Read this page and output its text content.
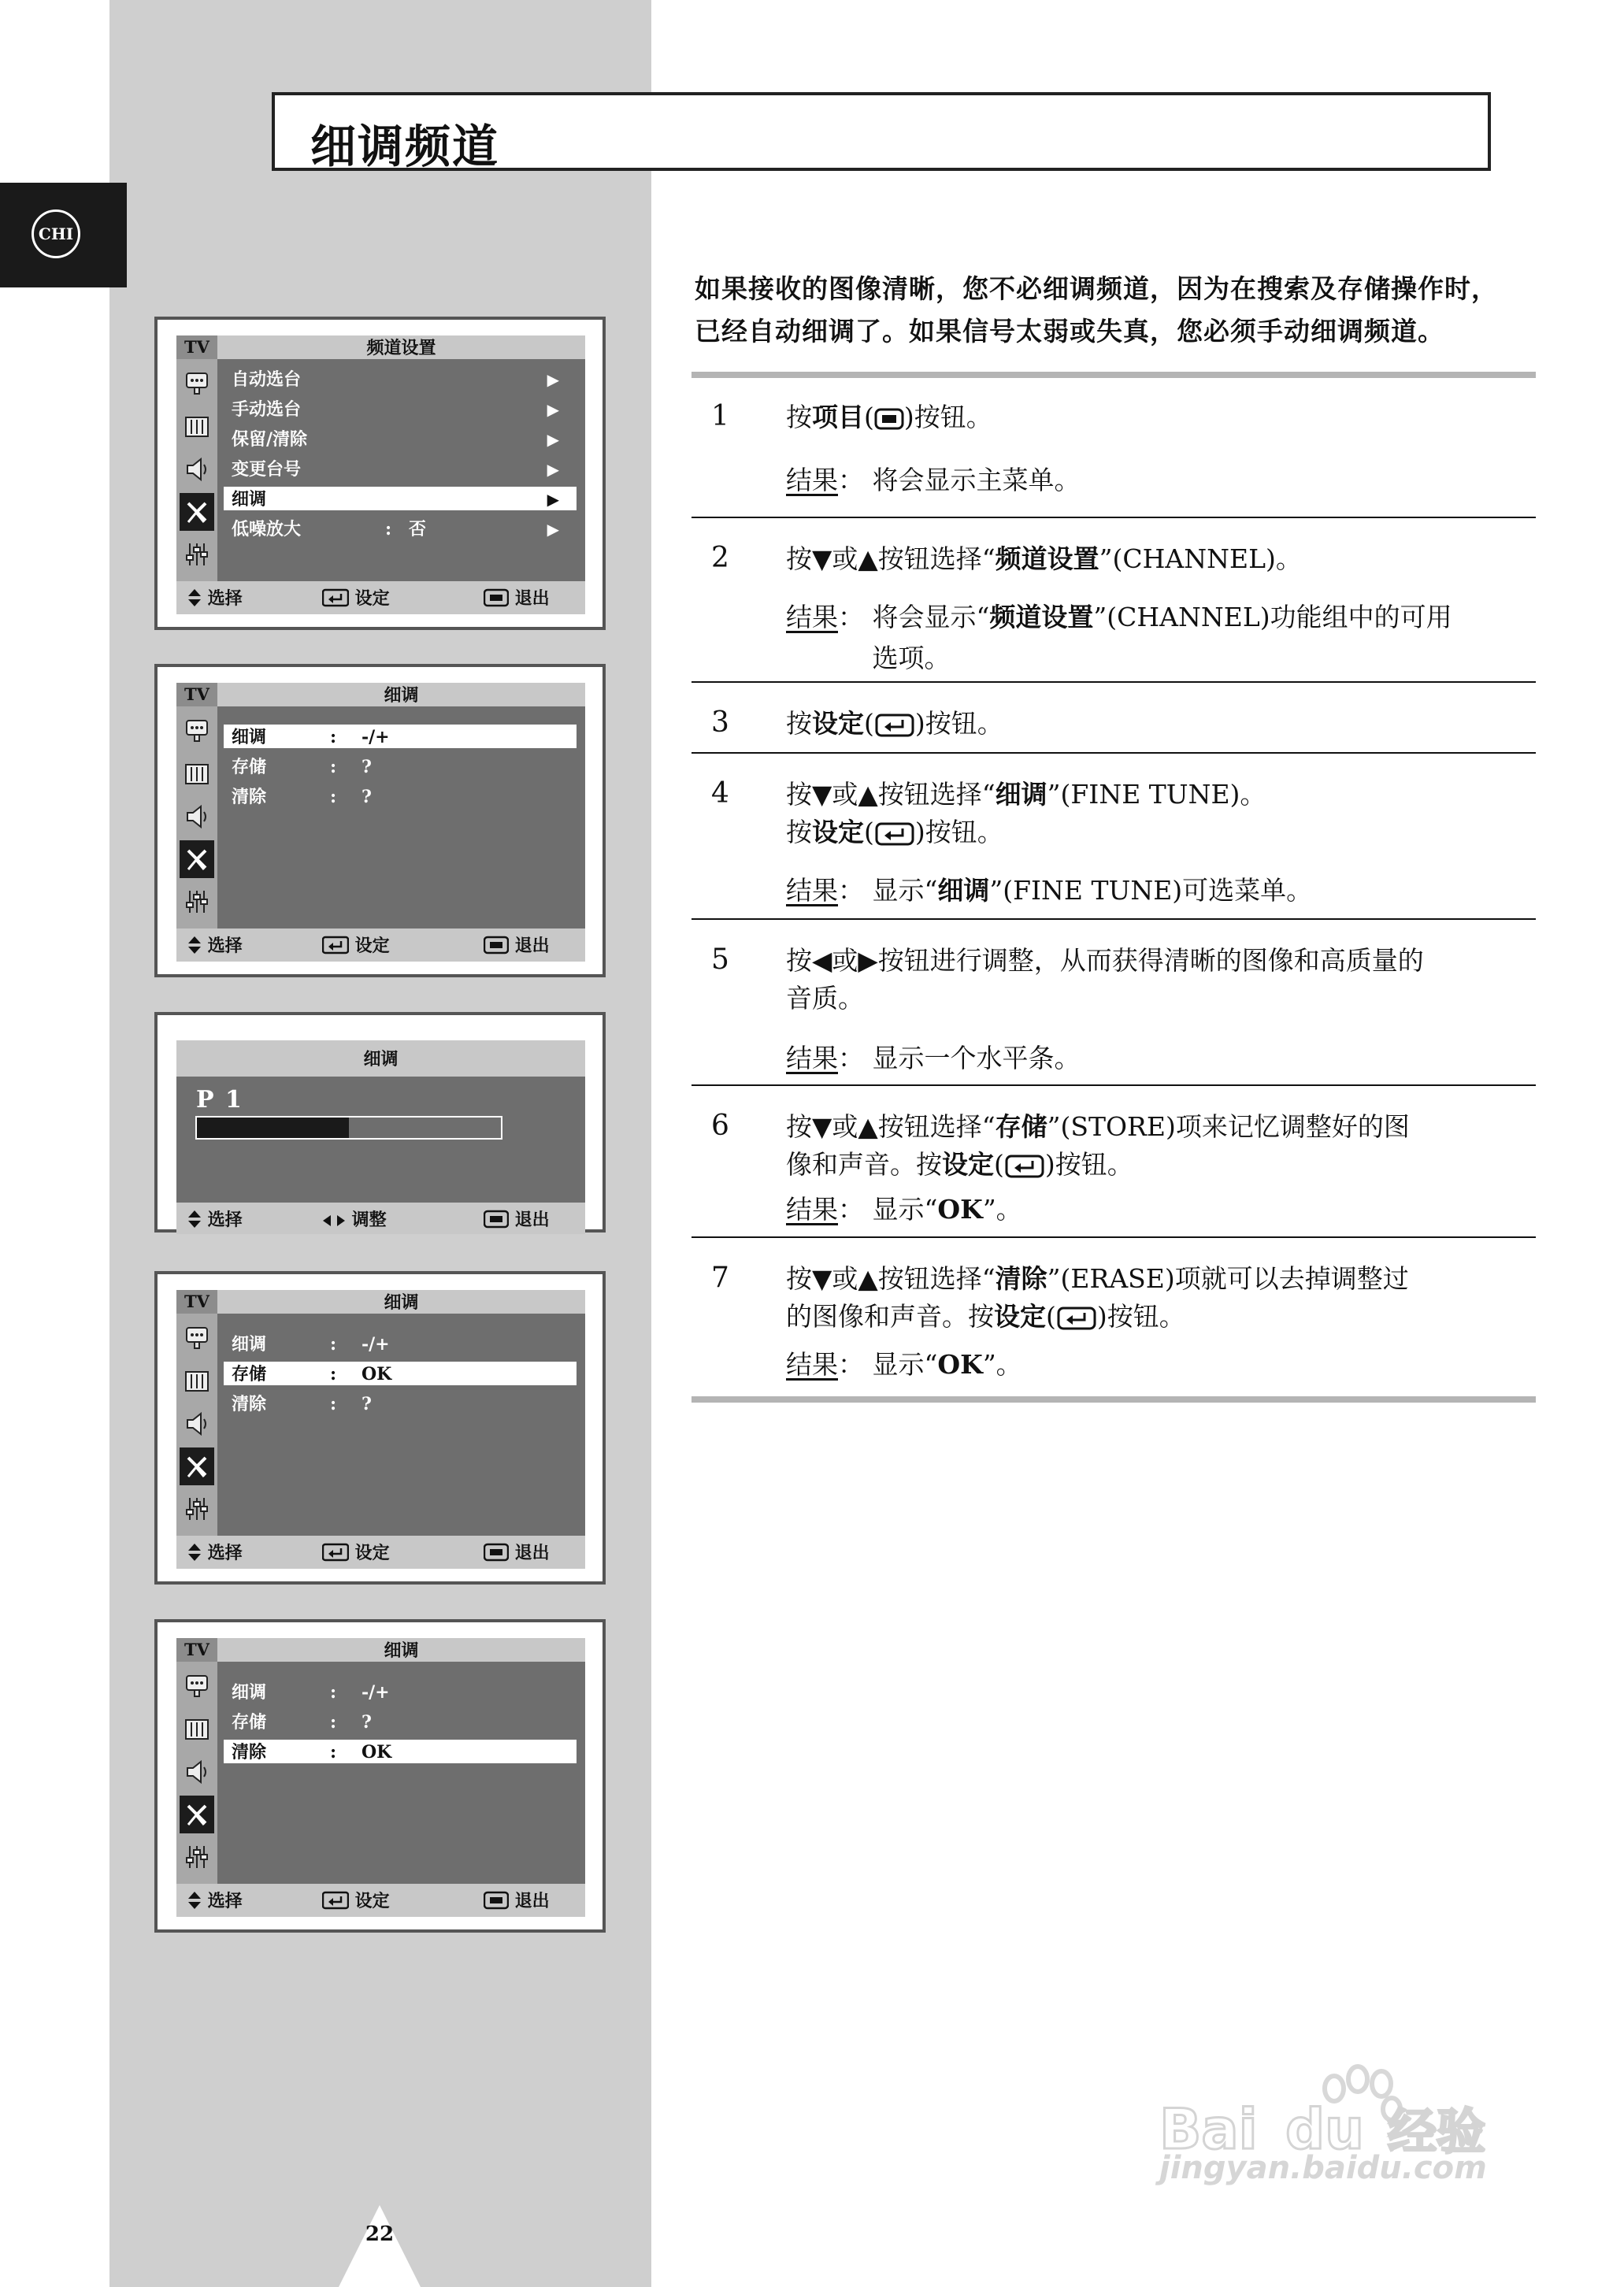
CHI
细调频道
TV	频道设置
选择	设定	退出
自动选台	▶
手动选台	▶
保留/清除	▶
变更台号	▶
细调	▶
低噪放大	: 否	▶
TV	细调
选择	设定	退出
细调	: -/+
存储	: ?
清除	: ?
细调
P 1
选择	调整	退出
TV	细调
选择	设定	退出
细调	: -/+
存储	: OK
清除	: ?
TV	细调
选择	设定	退出
细调	: -/+
存储	: ?
清除	: OK
如果接收的图像清晰，您不必细调频道，因为在搜索及存储操作时，
已经自动细调了。如果信号太弱或失真，您必须手动细调频道。
1 按项目( )按钮。
结果： 将会显示主菜单。
2 按▼或▲按钮选择“频道设置”(CHANNEL)。
结果： 将会显示“频道设置”(CHANNEL)功能组中的可用
选项。
3 按设定( )按钮。
4 按▼或▲按钮选择“细调”(FINE TUNE)。
按设定( )按钮。
结果： 显示“细调”(FINE TUNE)可选菜单。
5 按◀或▶按钮进行调整，从而获得清晰的图像和高质量的
音质。
结果： 显示一个水平条。
6 按▼或▲按钮选择“存储”(STORE)项来记忆调整好的图
像和声音。按设定( )按钮。
结果： 显示“OK”。
7 按▼或▲按钮选择“清除”(ERASE)项就可以去掉调整过
的图像和声音。按设定( )按钮。
结果： 显示“OK”。
22
Bai du 经验
jingyan.baidu.com
